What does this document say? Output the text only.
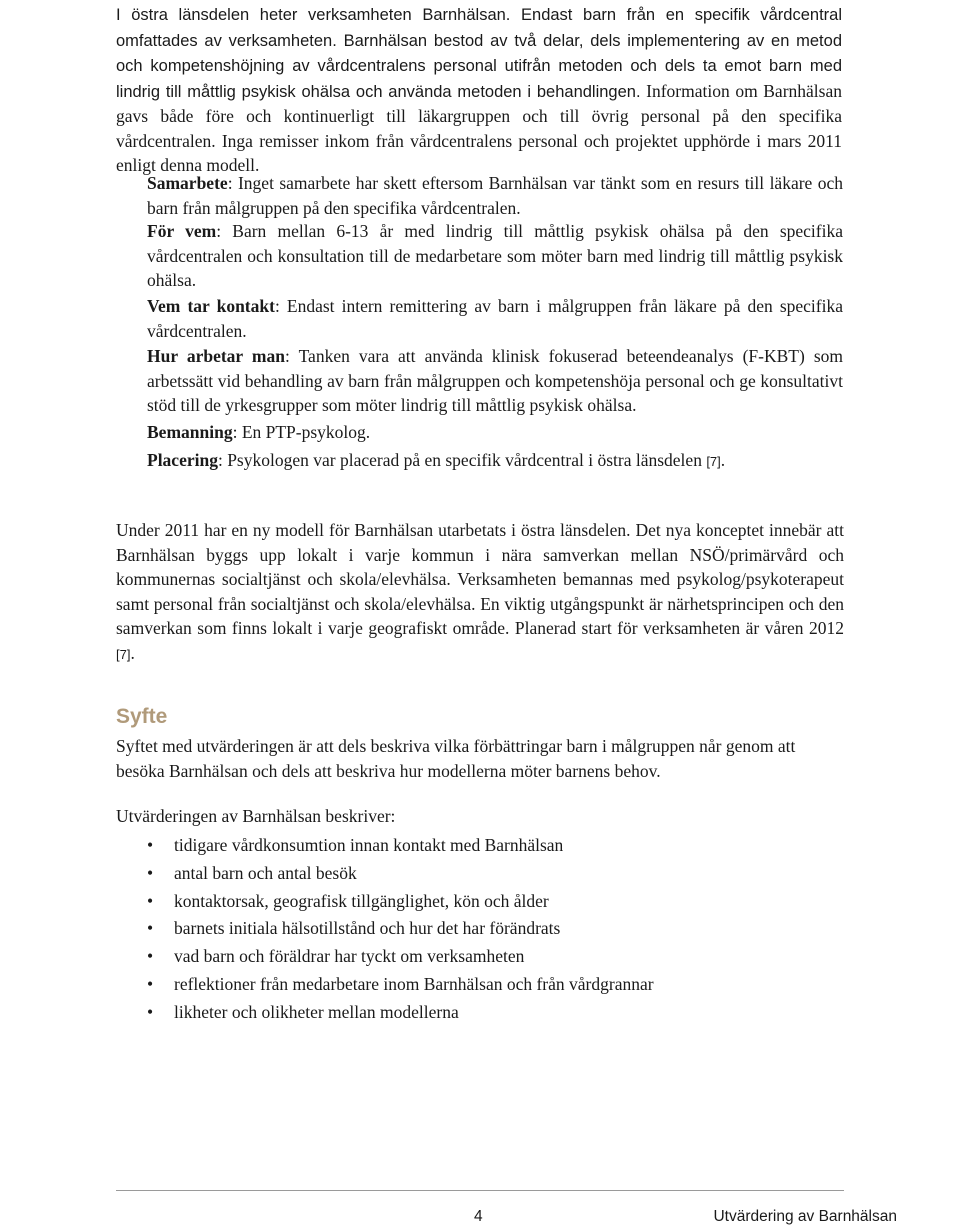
I östra länsdelen heter verksamheten Barnhälsan. Endast barn från en specifik vårdcentral omfattades av verksamheten. Barnhälsan bestod av två delar, dels implementering av en metod och kompetenshöjning av vårdcentralens personal utifrån metoden och dels ta emot barn med lindrig till måttlig psykisk ohälsa och använda metoden i behandlingen. Information om Barnhälsan gavs både före och kontinuerligt till läkargruppen och till övrig personal på den specifika vårdcentralen. Inga remisser inkom från vårdcentralens personal och projektet upphörde i mars 2011 enligt denna modell.

Samarbete: Inget samarbete har skett eftersom Barnhälsan var tänkt som en resurs till läkare och barn från målgruppen på den specifika vårdcentralen.

För vem: Barn mellan 6-13 år med lindrig till måttlig psykisk ohälsa på den specifika vårdcentralen och konsultation till de medarbetare som möter barn med lindrig till måttlig psykisk ohälsa.

Vem tar kontakt: Endast intern remittering av barn i målgruppen från läkare på den specifika vårdcentralen.

Hur arbetar man: Tanken vara att använda klinisk fokuserad beteendeanalys (F-KBT) som arbetssätt vid behandling av barn från målgruppen och kompetenshöja personal och ge konsultativt stöd till de yrkesgrupper som möter lindrig till måttlig psykisk ohälsa.

Bemanning: En PTP-psykolog.

Placering: Psykologen var placerad på en specifik vårdcentral i östra länsdelen [7].

Under 2011 har en ny modell för Barnhälsan utarbetats i östra länsdelen. Det nya konceptet innebär att Barnhälsan byggs upp lokalt i varje kommun i nära samverkan mellan NSÖ/primärvård och kommunernas socialtjänst och skola/elevhälsa. Verksamheten bemannas med psykolog/psykoterapeut samt personal från socialtjänst och skola/elevhälsa. En viktig utgångspunkt är närhetsprincipen och den samverkan som finns lokalt i varje geografiskt område. Planerad start för verksamheten är våren 2012 [7].

Syfte

Syftet med utvärderingen är att dels beskriva vilka förbättringar barn i målgruppen når genom att besöka Barnhälsan och dels att beskriva hur modellerna möter barnens behov.

Utvärderingen av Barnhälsan beskriver:

• tidigare vårdkonsumtion innan kontakt med Barnhälsan
• antal barn och antal besök
• kontaktorsak, geografisk tillgänglighet, kön och ålder
• barnets initiala hälsotillstånd och hur det har förändrats
• vad barn och föräldrar har tyckt om verksamheten
• reflektioner från medarbetare inom Barnhälsan och från vårdgrannar
• likheter och olikheter mellan modellerna
4	Utvärdering av Barnhälsan
